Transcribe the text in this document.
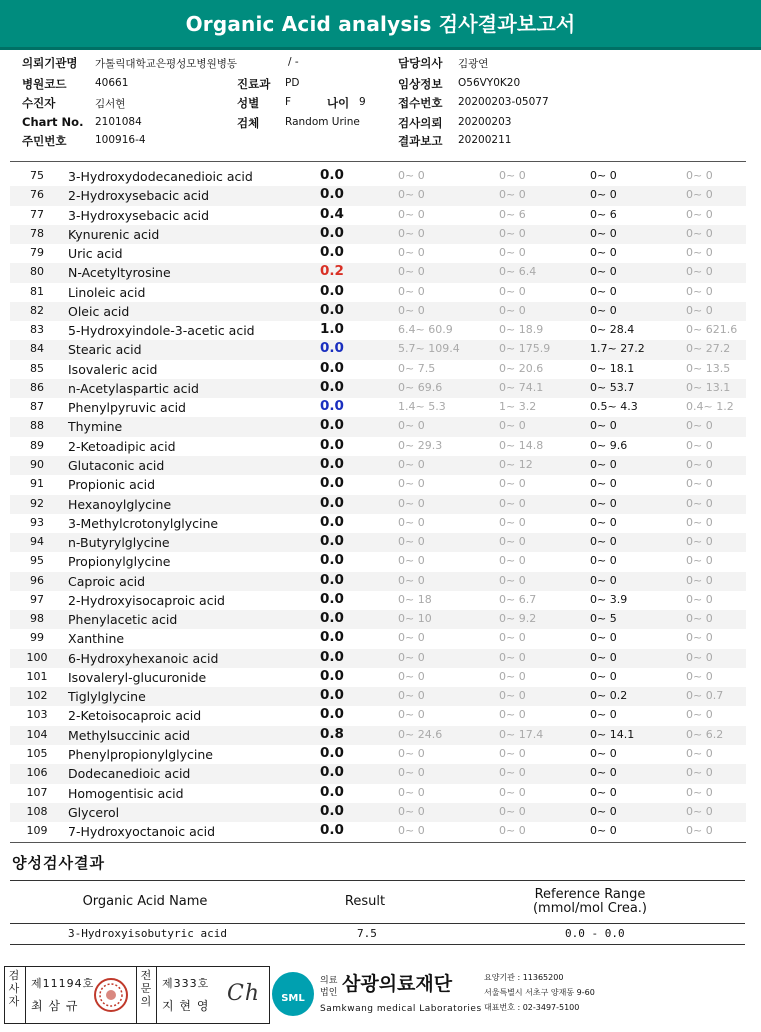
Organic Acid analysis 검사결과보고서
의뢰기관명 가톨릭대학교은평성모병원병동	/ -	담당의사 김광연
병원코드	40661	진료과 PD	임상정보 O56VY0K20
수진자	김서현	성별 F	나이 9	접수번호 20200203-05077
Chart No. 2101084	검체 Random Urine	검사의뢰 20200203
주민번호	100916-4	결과보고 20200211
75	3-Hydroxydodecanedioic acid	0.0	0~ 0	0~ 0	0~ 0	0~ 0
76	2-Hydroxysebacic acid	0.0	0~ 0	0~ 0	0~ 0	0~ 0
77	3-Hydroxysebacic acid	0.4	0~ 0	0~ 6	0~ 6	0~ 0
78	Kynurenic acid	0.0	0~ 0	0~ 0	0~ 0	0~ 0
79	Uric acid	0.0	0~ 0	0~ 0	0~ 0	0~ 0
80	N-Acetyltyrosine	0.2	0~ 0	0~ 6.4	0~ 0	0~ 0
81	Linoleic acid	0.0	0~ 0	0~ 0	0~ 0	0~ 0
82	Oleic acid	0.0	0~ 0	0~ 0	0~ 0	0~ 0
83	5-Hydroxyindole-3-acetic acid	1.0	6.4~ 60.9	0~ 18.9	0~ 28.4	0~ 621.6
84	Stearic acid	0.0	5.7~ 109.4	0~ 175.9	1.7~ 27.2	0~ 27.2
85	Isovaleric acid	0.0	0~ 7.5	0~ 20.6	0~ 18.1	0~ 13.5
86	n-Acetylaspartic acid	0.0	0~ 69.6	0~ 74.1	0~ 53.7	0~ 13.1
87	Phenylpyruvic acid	0.0	1.4~ 5.3	1~ 3.2	0.5~ 4.3	0.4~ 1.2
88	Thymine	0.0	0~ 0	0~ 0	0~ 0	0~ 0
89	2-Ketoadipic acid	0.0	0~ 29.3	0~ 14.8	0~ 9.6	0~ 0
90	Glutaconic acid	0.0	0~ 0	0~ 12	0~ 0	0~ 0
91	Propionic acid	0.0	0~ 0	0~ 0	0~ 0	0~ 0
92	Hexanoylglycine	0.0	0~ 0	0~ 0	0~ 0	0~ 0
93	3-Methylcrotonylglycine	0.0	0~ 0	0~ 0	0~ 0	0~ 0
94	n-Butyrylglycine	0.0	0~ 0	0~ 0	0~ 0	0~ 0
95	Propionylglycine	0.0	0~ 0	0~ 0	0~ 0	0~ 0
96	Caproic acid	0.0	0~ 0	0~ 0	0~ 0	0~ 0
97	2-Hydroxyisocaproic acid	0.0	0~ 18	0~ 6.7	0~ 3.9	0~ 0
98	Phenylacetic acid	0.0	0~ 10	0~ 9.2	0~ 5	0~ 0
99	Xanthine	0.0	0~ 0	0~ 0	0~ 0	0~ 0
100 6-Hydroxyhexanoic acid	0.0	0~ 0	0~ 0	0~ 0	0~ 0
101 Isovaleryl-glucuronide	0.0	0~ 0	0~ 0	0~ 0	0~ 0
102 Tiglylglycine	0.0	0~ 0	0~ 0	0~ 0.2	0~ 0.7
103 2-Ketoisocaproic acid	0.0	0~ 0	0~ 0	0~ 0	0~ 0
104 Methylsuccinic acid	0.8	0~ 24.6	0~ 17.4	0~ 14.1	0~ 6.2
105 Phenylpropionylglycine	0.0	0~ 0	0~ 0	0~ 0	0~ 0
106 Dodecanedioic acid	0.0	0~ 0	0~ 0	0~ 0	0~ 0
107 Homogentisic acid	0.0	0~ 0	0~ 0	0~ 0	0~ 0
108 Glycerol	0.0	0~ 0	0~ 0	0~ 0	0~ 0
109 7-Hydroxyoctanoic acid	0.0	0~ 0	0~ 0	0~ 0	0~ 0
양성검사결과
Organic Acid Name	Result	Reference Range
(mmol/mol Crea.)
3-Hydroxyisobutyric acid	7.5	0.0 - 0.0
검사자
제11194호
최 삼 규
전문의
제333호
지 현 영 Ch	SML
의료
법인 삼광의료재단
Samkwang medical Laboratories
요양기관 : 11365200
서울특별시 서초구 양재동 9-60
대표번호 : 02-3497-5100
